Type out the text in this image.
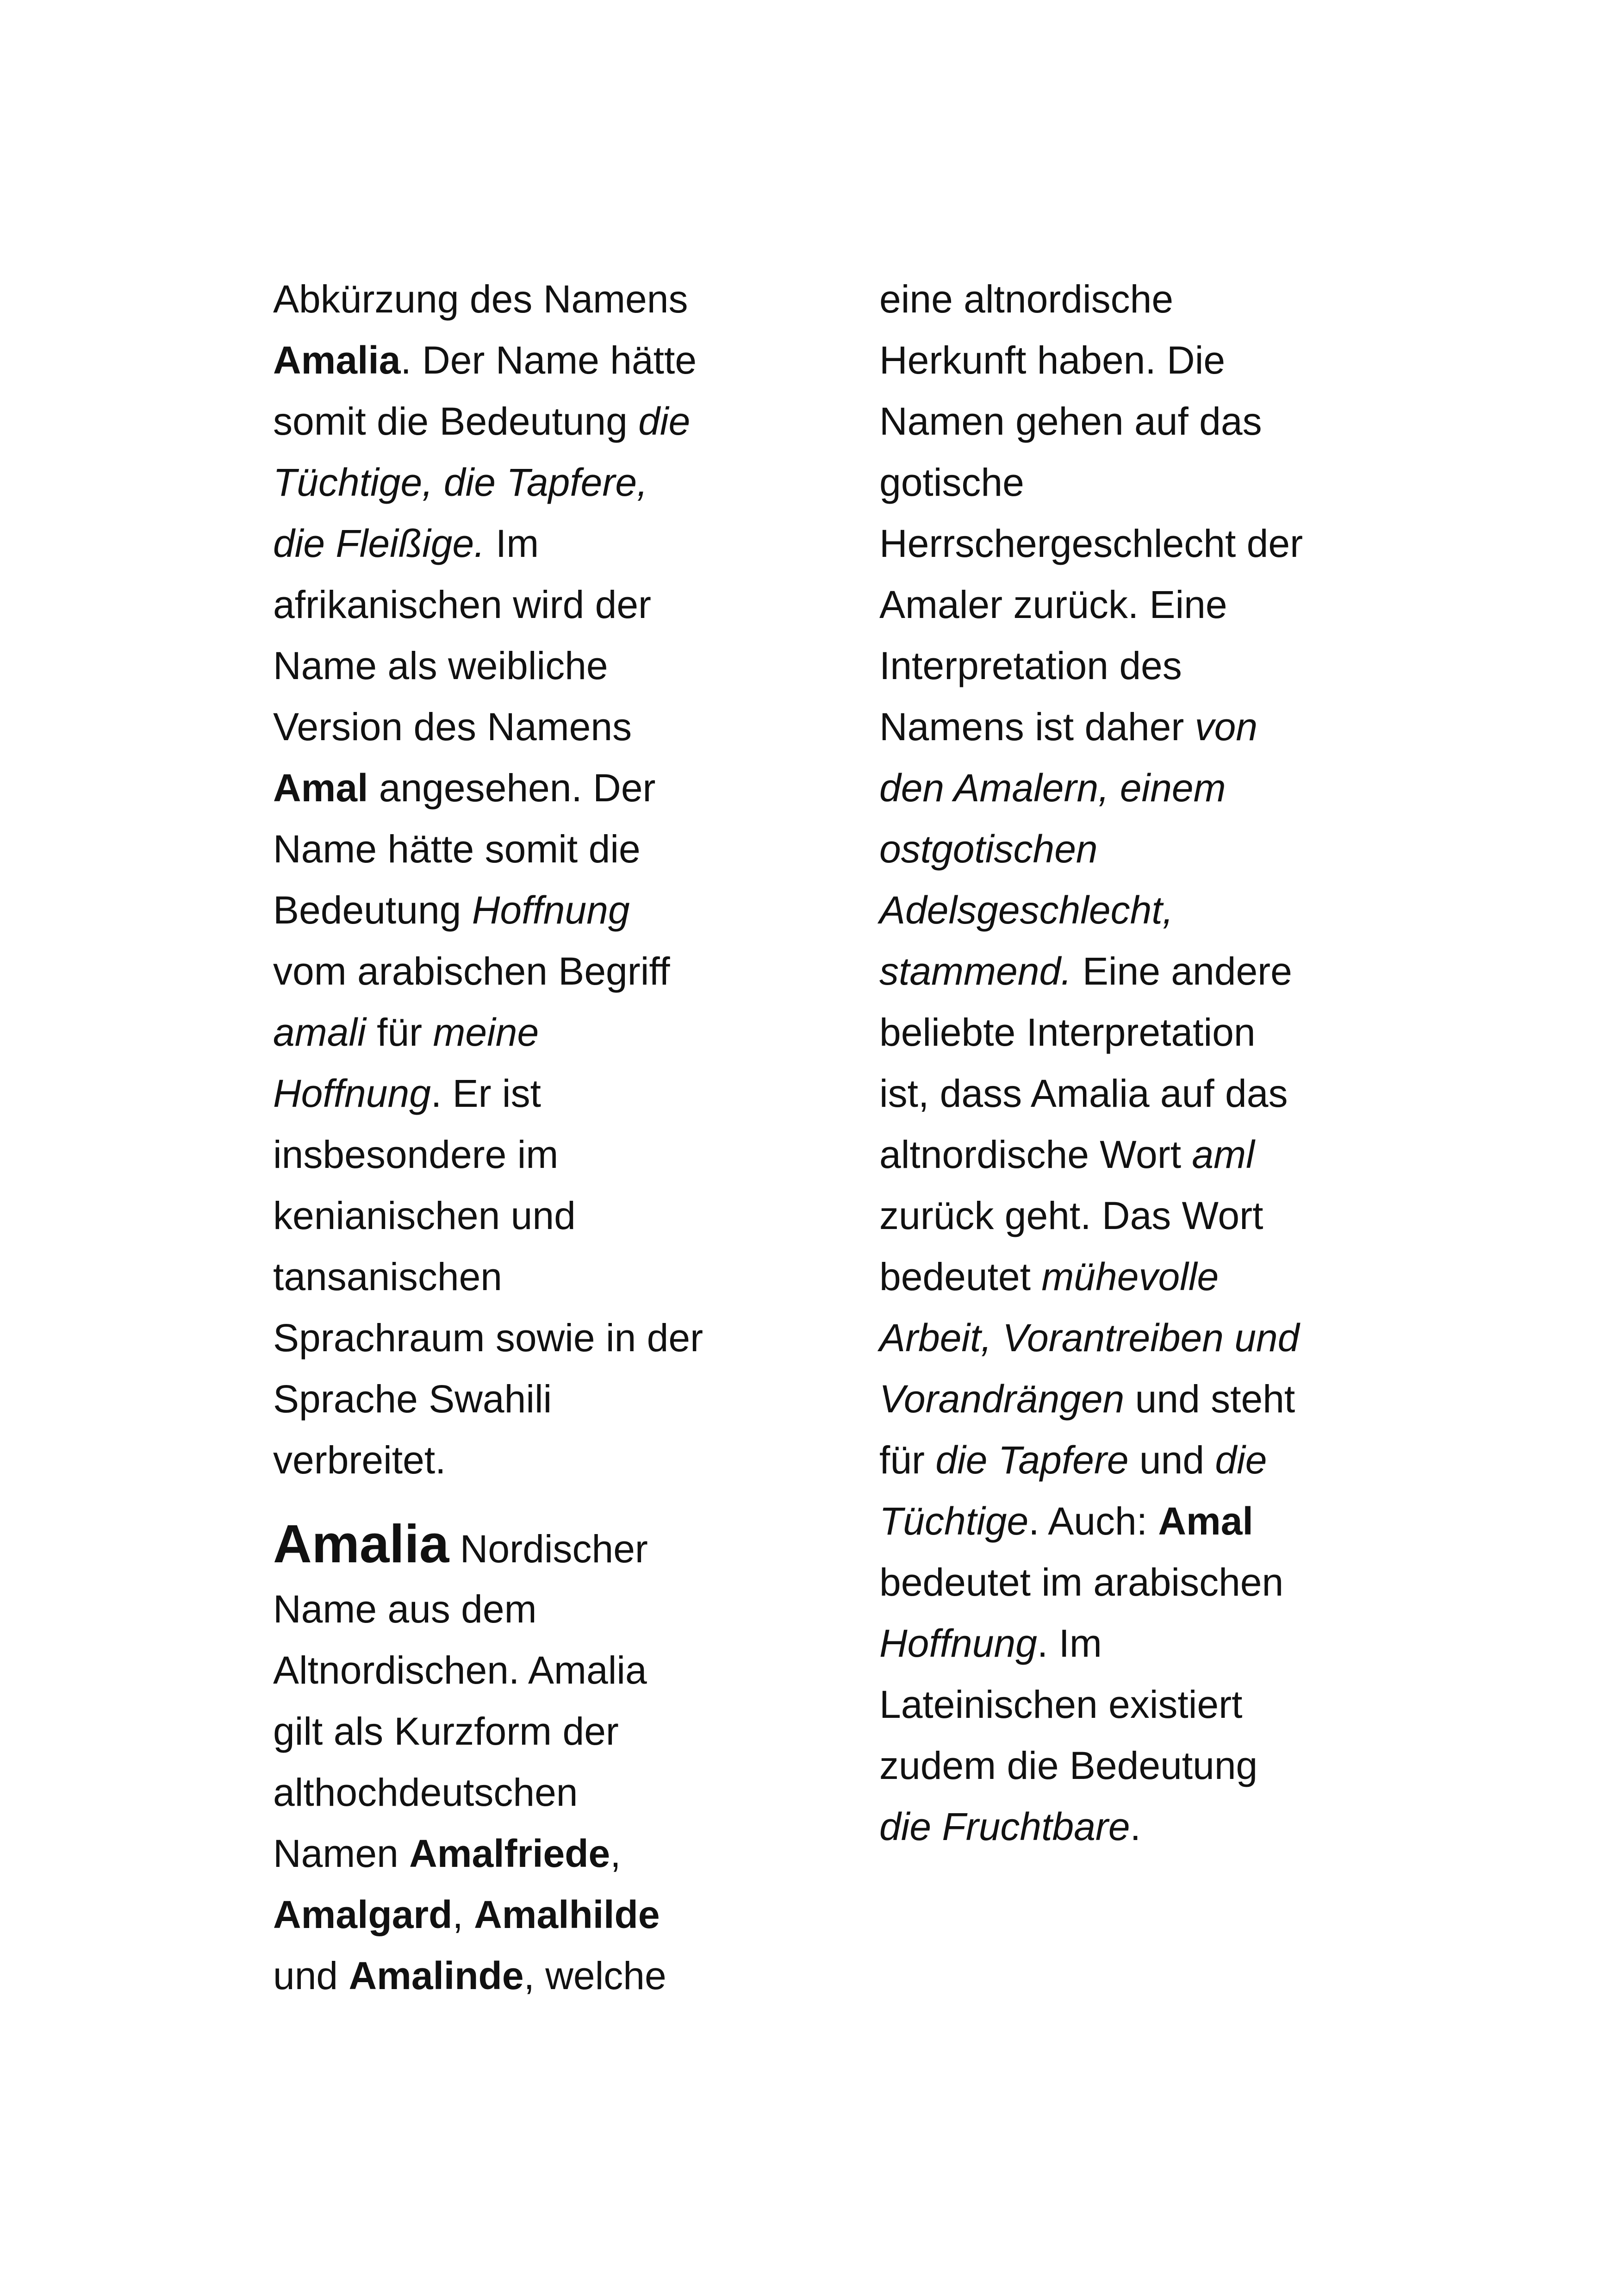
Abkürzung des Namens
Amalia. Der Name hätte
somit die Bedeutung die
Tüchtige, die Tapfere,
die Fleißige. Im
afrikanischen wird der
Name als weibliche
Version des Namens
Amal angesehen. Der
Name hätte somit die
Bedeutung Hoffnung
vom arabischen Begriff
amali für meine
Hoffnung. Er ist
insbesondere im
kenianischen und
tansanischen
Sprachraum sowie in der
Sprache Swahili
verbreitet.

Amalia Nordischer
Name aus dem
Altnordischen. Amalia
gilt als Kurzform der
althochdeutschen
Namen Amalfriede,
Amalgard, Amalhilde
und Amalinde, welche

eine altnordische
Herkunft haben. Die
Namen gehen auf das
gotische
Herrschergeschlecht der
Amaler zurück. Eine
Interpretation des
Namens ist daher von
den Amalern, einem
ostgotischen
Adelsgeschlecht,
stammend. Eine andere
beliebte Interpretation
ist, dass Amalia auf das
altnordische Wort aml
zurück geht. Das Wort
bedeutet mühevolle
Arbeit, Vorantreiben und
Vorandrängen und steht
für die Tapfere und die
Tüchtige. Auch: Amal
bedeutet im arabischen
Hoffnung. Im
Lateinischen existiert
zudem die Bedeutung
die Fruchtbare.
